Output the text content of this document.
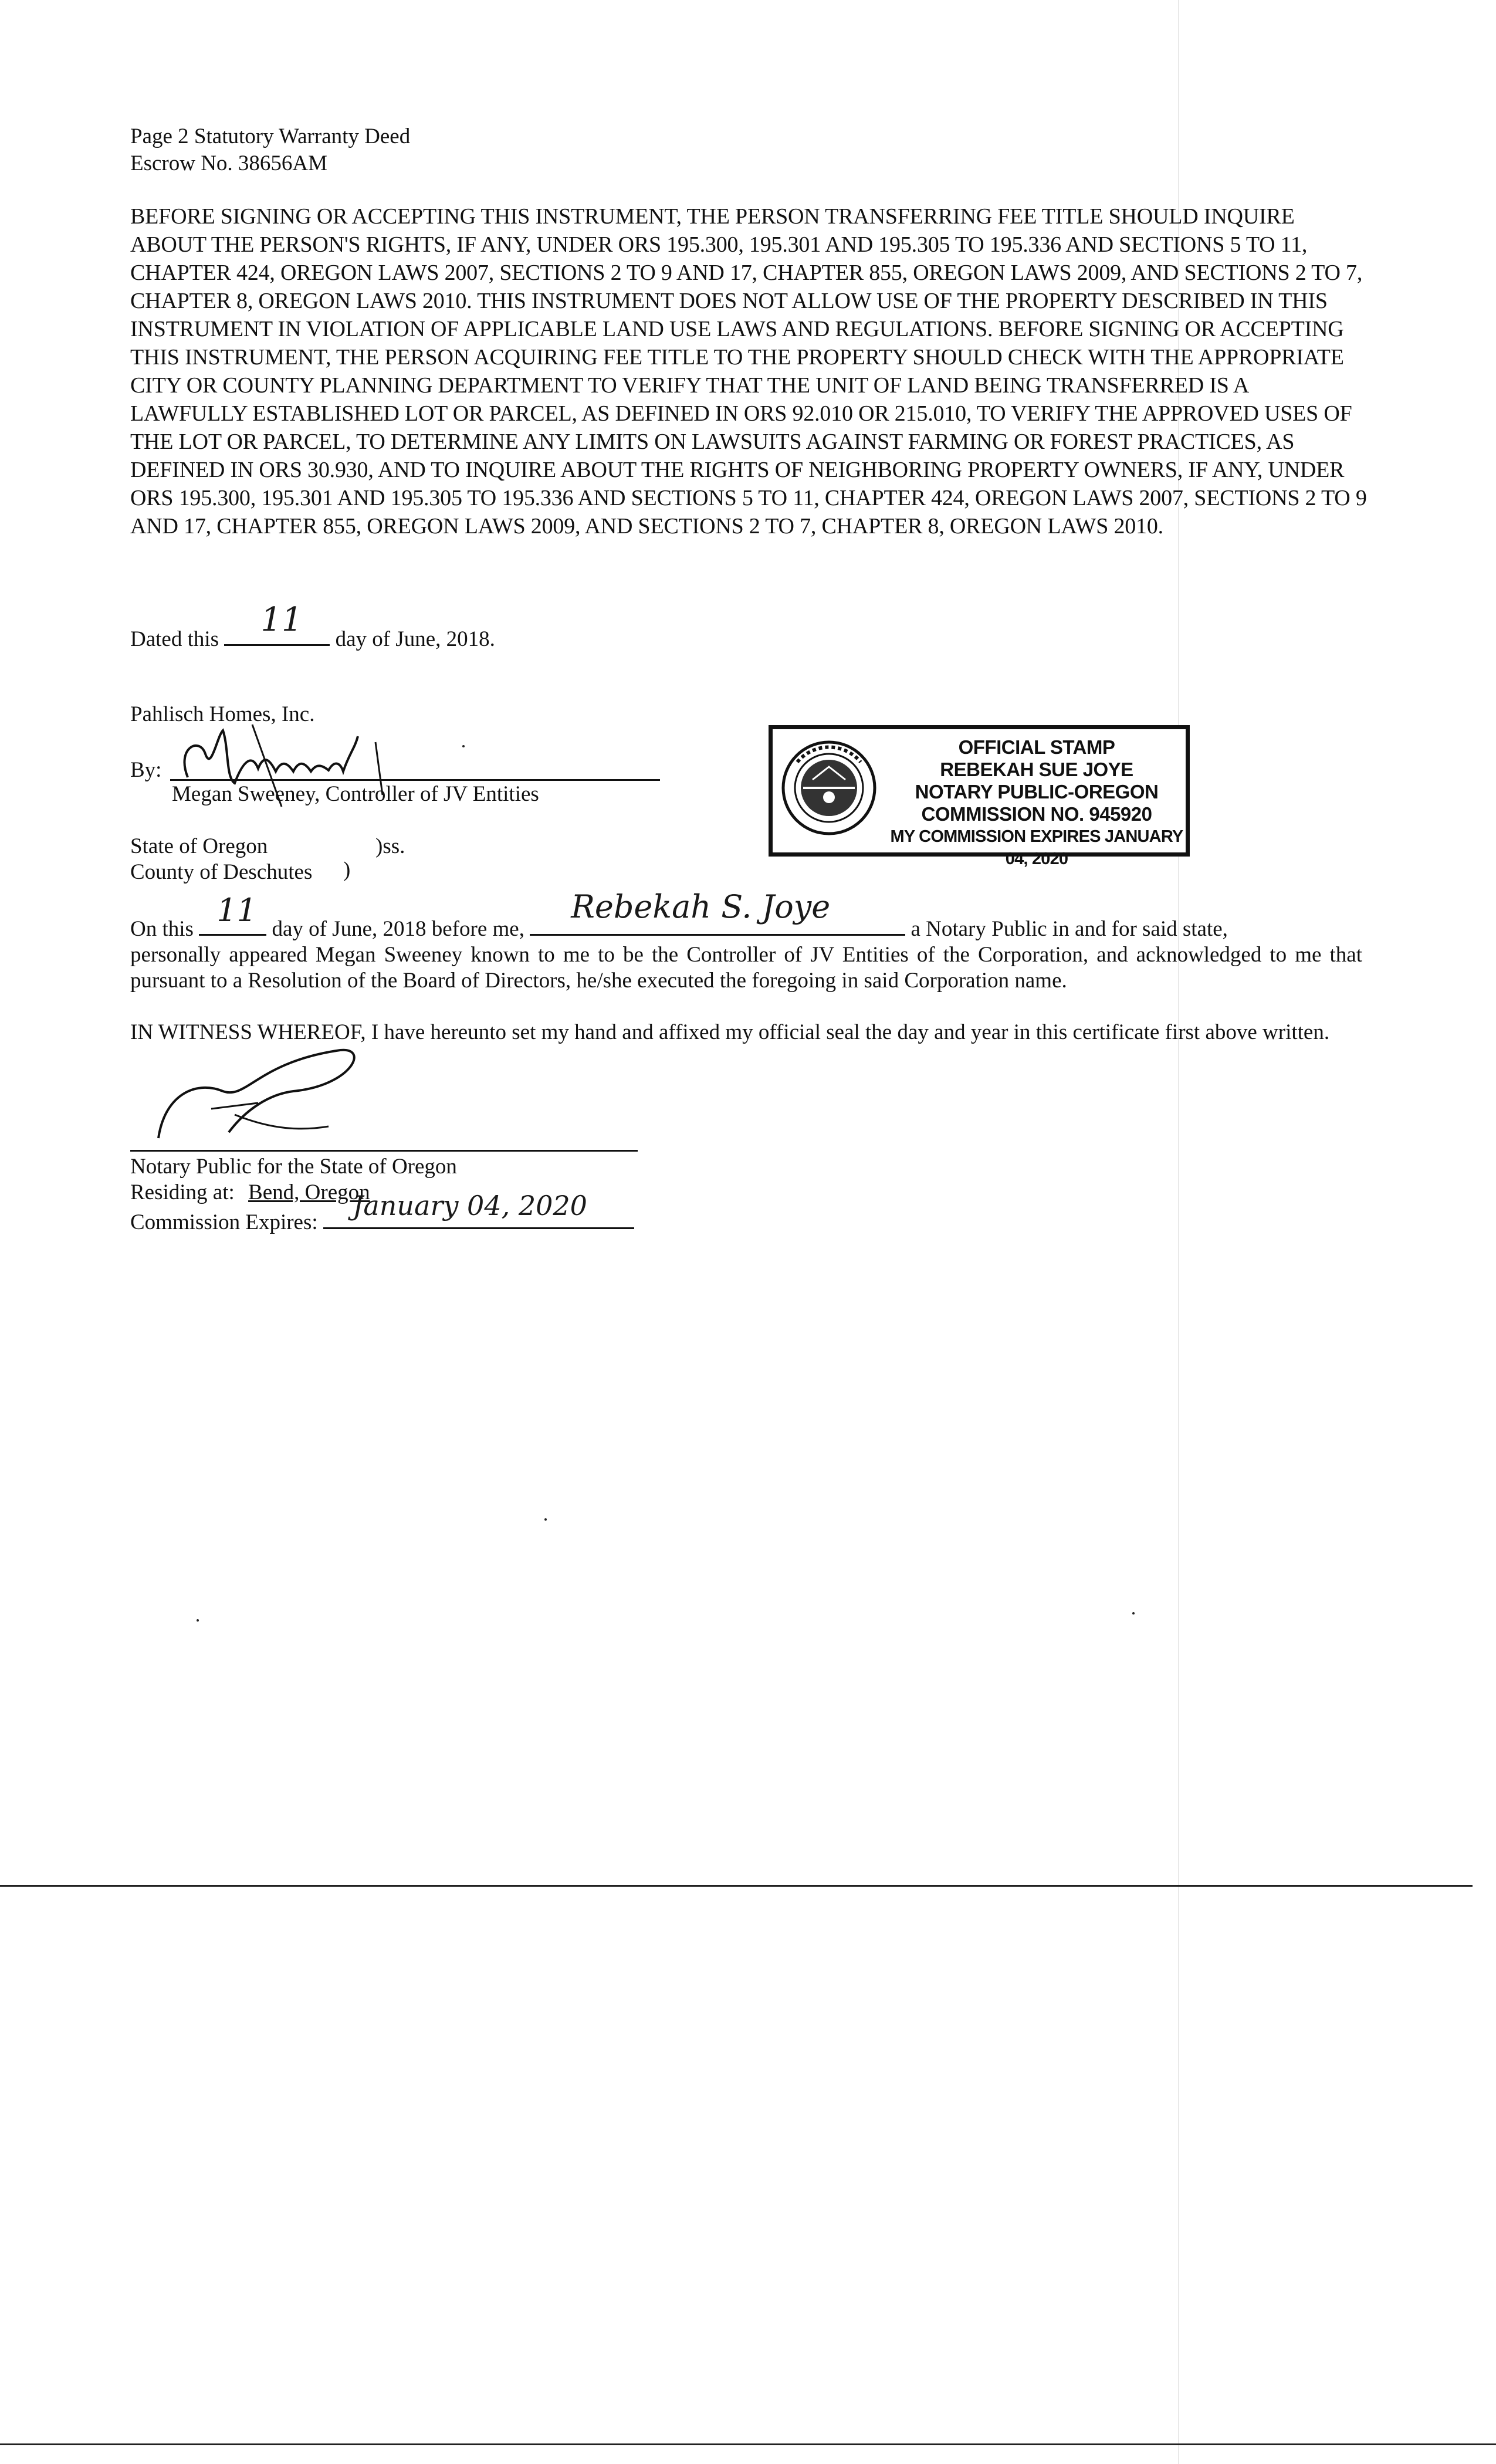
Page 2 Statutory Warranty Deed
Escrow No. 38656AM

BEFORE SIGNING OR ACCEPTING THIS INSTRUMENT, THE PERSON TRANSFERRING FEE TITLE SHOULD INQUIRE ABOUT THE PERSON'S RIGHTS, IF ANY, UNDER ORS 195.300, 195.301 AND 195.305 TO 195.336 AND SECTIONS 5 TO 11, CHAPTER 424, OREGON LAWS 2007, SECTIONS 2 TO 9 AND 17, CHAPTER 855, OREGON LAWS 2009, AND SECTIONS 2 TO 7, CHAPTER 8, OREGON LAWS 2010. THIS INSTRUMENT DOES NOT ALLOW USE OF THE PROPERTY DESCRIBED IN THIS INSTRUMENT IN VIOLATION OF APPLICABLE LAND USE LAWS AND REGULATIONS. BEFORE SIGNING OR ACCEPTING THIS INSTRUMENT, THE PERSON ACQUIRING FEE TITLE TO THE PROPERTY SHOULD CHECK WITH THE APPROPRIATE CITY OR COUNTY PLANNING DEPARTMENT TO VERIFY THAT THE UNIT OF LAND BEING TRANSFERRED IS A LAWFULLY ESTABLISHED LOT OR PARCEL, AS DEFINED IN ORS 92.010 OR 215.010, TO VERIFY THE APPROVED USES OF THE LOT OR PARCEL, TO DETERMINE ANY LIMITS ON LAWSUITS AGAINST FARMING OR FOREST PRACTICES, AS DEFINED IN ORS 30.930, AND TO INQUIRE ABOUT THE RIGHTS OF NEIGHBORING PROPERTY OWNERS, IF ANY, UNDER ORS 195.300, 195.301 AND 195.305 TO 195.336 AND SECTIONS 5 TO 11, CHAPTER 424, OREGON LAWS 2007, SECTIONS 2 TO 9 AND 17, CHAPTER 855, OREGON LAWS 2009, AND SECTIONS 2 TO 7, CHAPTER 8, OREGON LAWS 2010.

Dated this
11
day of June, 2018.
Pahlisch Homes, Inc.
By:
Megan Sweeney, Controller of JV Entities
State of Oregon	)ss.
County of Deschutes )
OFFICIAL STAMP
REBEKAH SUE JOYE
NOTARY PUBLIC-OREGON
COMMISSION NO. 945920
MY COMMISSION EXPIRES JANUARY 04, 2020

On this
11
day of June, 2018 before me,
Rebekah S. Joye
a Notary Public in and for said state,

personally appeared Megan Sweeney known to me to be the Controller of JV Entities of the Corporation, and acknowledged to me that pursuant to a Resolution of the Board of Directors, he/she executed the foregoing in said Corporation name.

IN WITNESS WHEREOF, I have hereunto set my hand and affixed my official seal the day and year in this certificate first above written.
Notary Public for the State of Oregon
Residing at: Bend, Oregon
Commission Expires:
January 04, 2020
